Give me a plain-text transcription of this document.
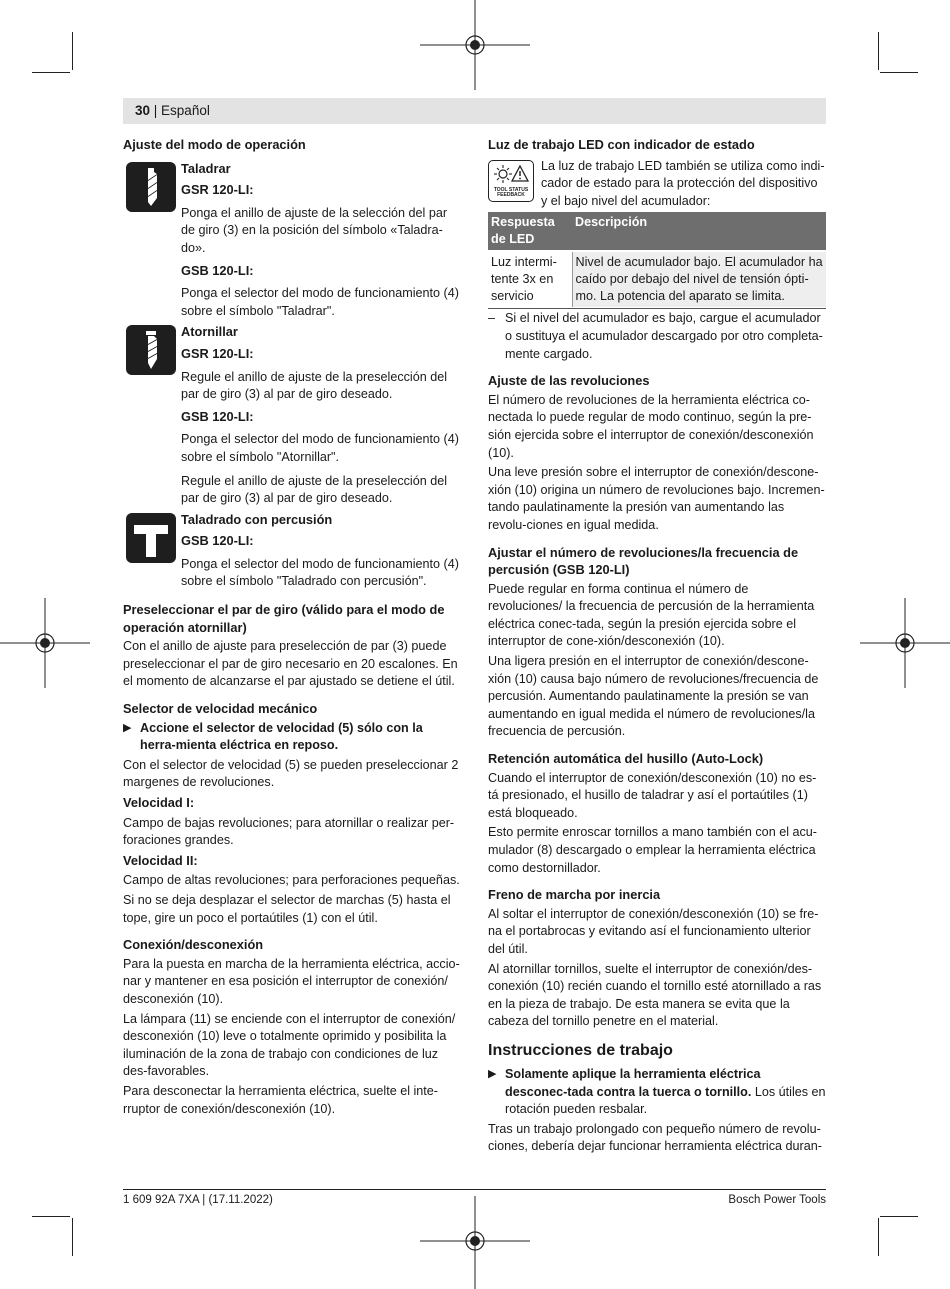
30 | Español
Ajuste del modo de operación
Taladrar
GSR 120-LI:

Ponga el anillo de ajuste de la selección del par de giro (3) en la posición del símbolo «Taladra-do».

GSB 120-LI:

Ponga el selector del modo de funcionamiento (4) sobre el símbolo "Taladrar".

Atornillar
GSR 120-LI:

Regule el anillo de ajuste de la preselección del par de giro (3) al par de giro deseado.

GSB 120-LI:

Ponga el selector del modo de funcionamiento (4) sobre el símbolo "Atornillar".

Regule el anillo de ajuste de la preselección del par de giro (3) al par de giro deseado.

Taladrado con percusión
GSB 120-LI:

Ponga el selector del modo de funcionamiento (4) sobre el símbolo "Taladrado con percusión".

Preseleccionar el par de giro (válido para el modo de operación atornillar)

Con el anillo de ajuste para preselección de par (3) puede preseleccionar el par de giro necesario en 20 escalones. En el momento de alcanzarse el par ajustado se detiene el útil.

Selector de velocidad mecánico

▶ Accione el selector de velocidad (5) sólo con la herra-mienta eléctrica en reposo.

Con el selector de velocidad (5) se pueden preseleccionar 2 margenes de revoluciones.

Velocidad I:

Campo de bajas revoluciones; para atornillar o realizar per-foraciones grandes.

Velocidad II:

Campo de altas revoluciones; para perforaciones pequeñas.

Si no se deja desplazar el selector de marchas (5) hasta el tope, gire un poco el portaútiles (1) con el útil.

Conexión/desconexión

Para la puesta en marcha de la herramienta eléctrica, accio-nar y mantener en esa posición el interruptor de conexión/ desconexión (10).

La lámpara (11) se enciende con el interruptor de conexión/ desconexión (10) leve o totalmente oprimido y posibilita la iluminación de la zona de trabajo con condiciones de luz des-favorables.

Para desconectar la herramienta eléctrica, suelte el inte-rruptor de conexión/desconexión (10).

Luz de trabajo LED con indicador de estado
TOOL STATUS
FEEDBACK

La luz de trabajo LED también se utiliza como indi-cador de estado para la protección del dispositivo y el bajo nivel del acumulador:

Respuesta de LED	Descripción
Luz intermi-tente 3x en servicio	Nivel de acumulador bajo. El acumulador ha caído por debajo del nivel de tensión ópti-mo. La potencia del aparato se limita.

– Si el nivel del acumulador es bajo, cargue el acumulador o sustituya el acumulador descargado por otro completa-mente cargado.

Ajuste de las revoluciones

El número de revoluciones de la herramienta eléctrica co-nectada lo puede regular de modo continuo, según la pre-sión ejercida sobre el interruptor de conexión/desconexión (10).

Una leve presión sobre el interruptor de conexión/descone-xión (10) origina un número de revoluciones bajo. Incremen-tando paulatinamente la presión van aumentando las revolu-ciones en igual medida.

Ajustar el número de revoluciones/la frecuencia de percusión (GSB 120-LI)

Puede regular en forma continua el número de revoluciones/ la frecuencia de percusión de la herramienta eléctrica conec-tada, según la presión ejercida sobre el interruptor de cone-xión/desconexión (10).

Una ligera presión en el interruptor de conexión/descone-xión (10) causa bajo número de revoluciones/frecuencia de percusión. Aumentando paulatinamente la presión se van aumentando en igual medida el número de revoluciones/la frecuencia de percusión.

Retención automática del husillo (Auto-Lock)

Cuando el interruptor de conexión/desconexión (10) no es-tá presionado, el husillo de taladrar y así el portaútiles (1) está bloqueado.

Esto permite enroscar tornillos a mano también con el acu-mulador (8) descargado o emplear la herramienta eléctrica como destornillador.

Freno de marcha por inercia

Al soltar el interruptor de conexión/desconexión (10) se fre-na el portabrocas y evitando así el funcionamiento ulterior del útil.

Al atornillar tornillos, suelte el interruptor de conexión/des-conexión (10) recién cuando el tornillo esté atornillado a ras en la pieza de trabajo. De esta manera se evita que la cabeza del tornillo penetre en el material.

Instrucciones de trabajo

▶ Solamente aplique la herramienta eléctrica desconec-tada contra la tuerca o tornillo. Los útiles en rotación pueden resbalar.

Tras un trabajo prolongado con pequeño número de revolu-ciones, debería dejar funcionar herramienta eléctrica duran-

1 609 92A 7XA | (17.11.2022)	Bosch Power Tools
